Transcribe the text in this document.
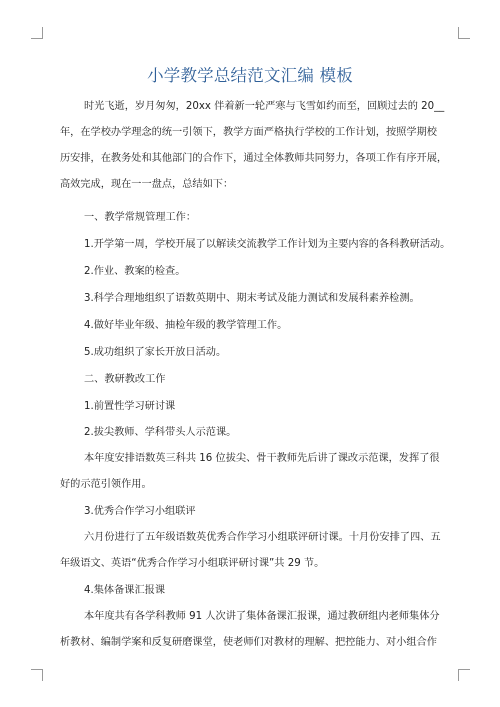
小学教学总结范文汇编 模板
时光飞逝，岁月匆匆，20xx 伴着新一轮严寒与飞雪如约而至，回顾过去的 20__
年，在学校办学理念的统一引领下，教学方面严格执行学校的工作计划，按照学期校
历安排，在教务处和其他部门的合作下，通过全体教师共同努力，各项工作有序开展，
高效完成，现在一一盘点，总结如下：
一、教学常规管理工作：
1.开学第一周，学校开展了以解读交流教学工作计划为主要内容的各科教研活动。
2.作业、教案的检查。
3.科学合理地组织了语数英期中、期末考试及能力测试和发展科素养检测。
4.做好毕业年级、抽检年级的教学管理工作。
5.成功组织了家长开放日活动。
二、教研教改工作
1.前置性学习研讨课
2.拔尖教师、学科带头人示范课。
本年度安排语数英三科共 16 位拔尖、骨干教师先后讲了课改示范课，发挥了很
好的示范引领作用。
3.优秀合作学习小组联评
六月份进行了五年级语数英优秀合作学习小组联评研讨课。十月份安排了四、五
年级语文、英语“优秀合作学习小组联评研讨课”共 29 节。
4.集体备课汇报课
本年度共有各学科教师 91 人次讲了集体备课汇报课，通过教研组内老师集体分
析教材、编制学案和反复研磨课堂，使老师们对教材的理解、把控能力、对小组合作
